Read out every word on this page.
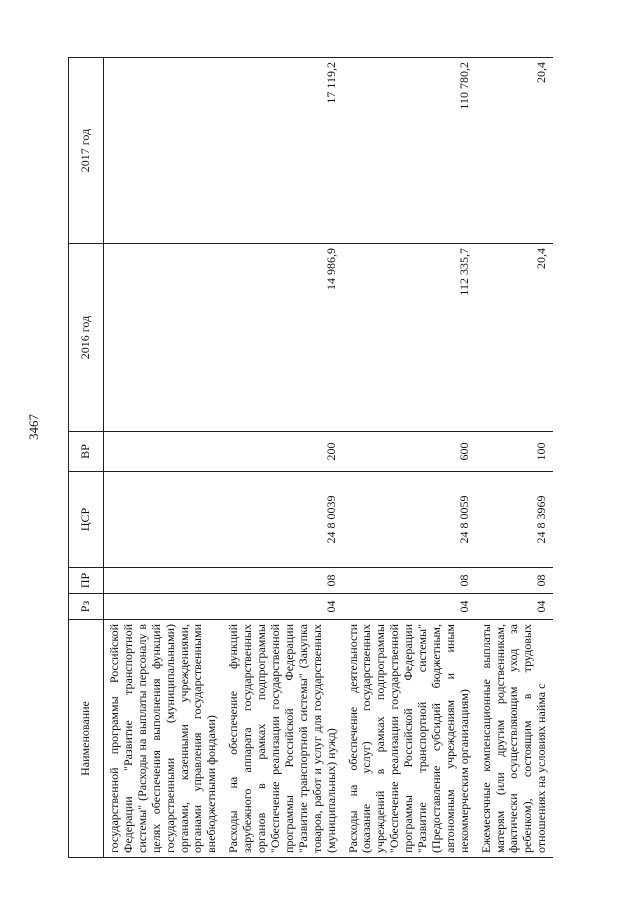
3467
Наименование	Рз	ПР	ЦСР	ВР	2016 год	2017 год
государственной программы Российской Федерации "Развитие транспортной системы" (Расходы на выплаты персоналу в целях обеспечения выполнения функций государственными (муниципальными) органами, казенными учреждениями, органами управления государственными внебюджетными фондами)						
Расходы на обеспечение функций зарубежного аппарата государственных органов в рамках подпрограммы "Обеспечение реализации государственной программы Российской Федерации "Развитие транспортной системы" (Закупка товаров, работ и услуг для государственных (муниципальных) нужд)	04	08	24 8 0039	200	14 986,9	17 119,2
Расходы на обеспечение деятельности (оказание услуг) государственных учреждений в рамках подпрограммы "Обеспечение реализации государственной программы Российской Федерации "Развитие транспортной системы" (Предоставление субсидий бюджетным, автономным учреждениям и иным некоммерческим организациям)	04	08	24 8 0059	600	112 335,7	110 780,2
Ежемесячные компенсационные выплаты матерям (или другим родственникам, фактически осуществляющим уход за ребенком), состоящим в трудовых отношениях на условиях найма с	04	08	24 8 3969	100	20,4	20,4
